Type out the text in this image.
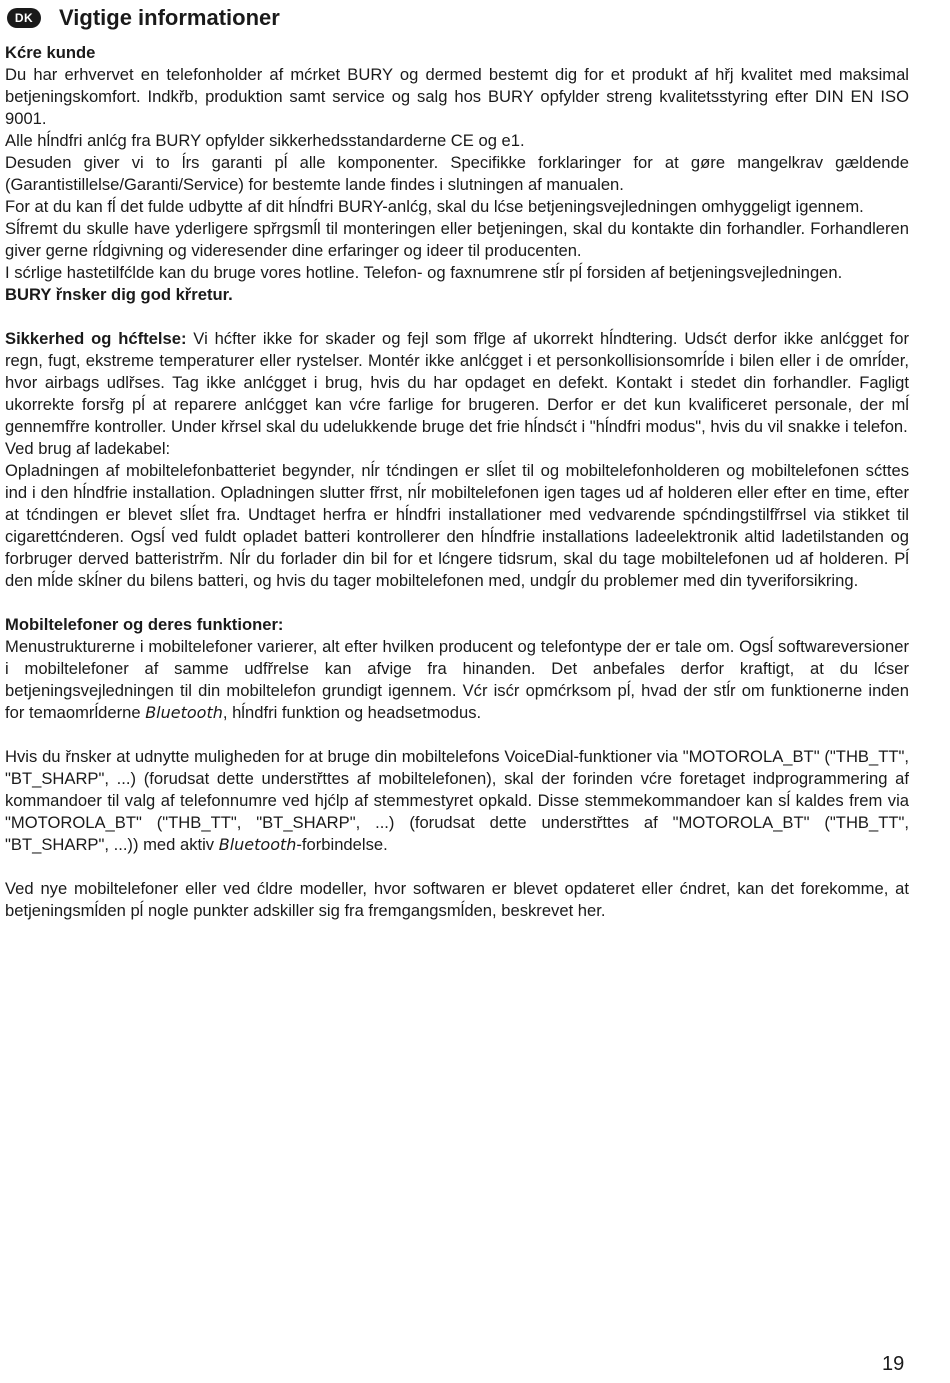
DK	Vigtige informationer

Kćre kunde

Du har erhvervet en telefonholder af mćrket BURY og dermed bestemt dig for et produkt af hřj kvalitet med maksimal betjeningskomfort. Indkřb, produktion samt service og salg hos BURY opfylder streng kvalitetsstyring efter DIN EN ISO 9001.

Alle hĺndfri anlćg fra BURY opfylder sikkerhedsstandarderne CE og e1.

Desuden giver vi to ĺrs garanti pĺ alle komponenter. Specifikke forklaringer for at gøre mangelkrav gældende (Garantistillelse/Garanti/Service) for bestemte lande findes i slutningen af manualen.

For at du kan fĺ det fulde udbytte af dit hĺndfri BURY-anlćg, skal du lćse betjeningsvejledningen omhyggeligt igennem.

Sĺfremt du skulle have yderligere spřrgsmĺl til monteringen eller betjeningen, skal du kontakte din forhandler. Forhandleren giver gerne rĺdgivning og videresender dine erfaringer og ideer til producenten.

I sćrlige hastetilfćlde kan du bruge vores hotline. Telefon- og faxnumrene stĺr pĺ forsiden af betjeningsvejledningen.

BURY řnsker dig god křretur.

Sikkerhed og hćftelse: Vi hćfter ikke for skader og fejl som fřlge af ukorrekt hĺndtering. Udsćt derfor ikke anlćgget for regn, fugt, ekstreme temperaturer eller rystelser. Montér ikke anlćgget i et personkollisionsomrĺde i bilen eller i de omrĺder, hvor airbags udlřses. Tag ikke anlćgget i brug, hvis du har opdaget en defekt. Kontakt i stedet din forhandler. Fagligt ukorrekte forsřg pĺ at reparere anlćgget kan vćre farlige for brugeren. Derfor er det kun kvalificeret personale, der mĺ gennemfřre kontroller. Under křrsel skal du udelukkende bruge det frie hĺndsćt i "hĺndfri modus", hvis du vil snakke i telefon.

Ved brug af ladekabel:

Opladningen af mobiltelefonbatteriet begynder, nĺr tćndingen er slĺet til og mobiltelefonholderen og mobiltelefonen sćttes ind i den hĺndfrie installation. Opladningen slutter fřrst, nĺr mobiltelefonen igen tages ud af holderen eller efter en time, efter at tćndingen er blevet slĺet fra. Undtaget herfra er hĺndfri installationer med vedvarende spćndingstilfřrsel via stikket til cigarettćnderen. Ogsĺ ved fuldt opladet batteri kontrollerer den hĺndfrie installations ladeelektronik altid ladetilstanden og forbruger derved batteristrřm. Nĺr du forlader din bil for et lćngere tidsrum, skal du tage mobiltelefonen ud af holderen. Pĺ den mĺde skĺner du bilens batteri, og hvis du tager mobiltelefonen med, undgĺr du problemer med din tyveriforsikring.

Mobiltelefoner og deres funktioner:

Menustrukturerne i mobiltelefoner varierer, alt efter hvilken producent og telefontype der er tale om. Ogsĺ softwareversioner i mobiltelefoner af samme udfřrelse kan afvige fra hinanden. Det anbefales derfor kraftigt, at du lćser betjeningsvejledningen til din mobiltelefon grundigt igennem. Vćr isćr opmćrksom pĺ, hvad der stĺr om funktionerne inden for temaomrĺderne Bluetooth, hĺndfri funktion og headsetmodus.

Hvis du řnsker at udnytte muligheden for at bruge din mobiltelefons VoiceDial-funktioner via "MOTOROLA_BT" ("THB_TT", "BT_SHARP", ...) (forudsat dette understřttes af mobiltelefonen), skal der forinden vćre foretaget indprogrammering af kommandoer til valg af telefonnumre ved hjćlp af stemmestyret opkald. Disse stemmekommandoer kan sĺ kaldes frem via "MOTOROLA_BT" ("THB_TT", "BT_SHARP", ...) (forudsat dette understřttes af "MOTOROLA_BT" ("THB_TT", "BT_SHARP", ...)) med aktiv Bluetooth-forbindelse.

Ved nye mobiltelefoner eller ved ćldre modeller, hvor softwaren er blevet opdateret eller ćndret, kan det forekomme, at betjeningsmĺden pĺ nogle punkter adskiller sig fra fremgangsmĺden, beskrevet her.

19
